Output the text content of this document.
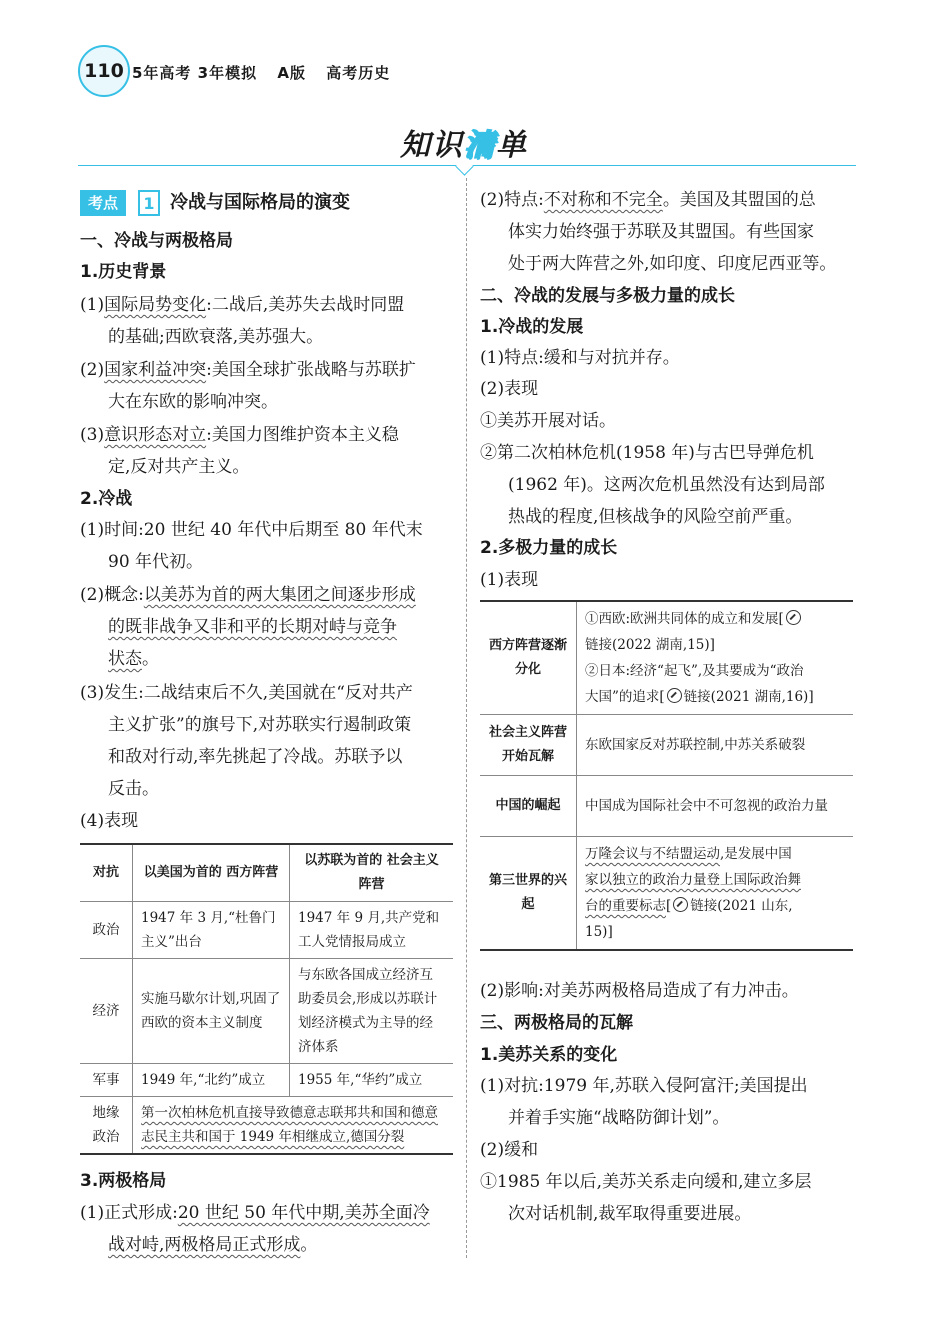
110 5年高考 3年模拟 A版 高考历史
知识清单
考点	1 冷战与国际格局的演变
一、冷战与两极格局
1.历史背景
(1)国际局势变化:二战后,美苏失去战时同盟
的基础;西欧衰落,美苏强大。
(2)国家利益冲突:美国全球扩张战略与苏联扩
大在东欧的影响冲突。
(3)意识形态对立:美国力图维护资本主义稳
定,反对共产主义。
2.冷战
(1)时间:20 世纪 40 年代中后期至 80 年代末
90 年代初。
(2)概念:以美苏为首的两大集团之间逐步形成
的既非战争又非和平的长期对峙与竞争
状态。
(3)发生:二战结束后不久,美国就在“反对共产
主义扩张”的旗号下,对苏联实行遏制政策
和敌对行动,率先挑起了冷战。苏联予以
反击。
(4)表现
对抗	以美国为首的 西方阵营	以苏联为首的 社会主义阵营
政治	1947 年 3 月,“杜鲁门主义”出台	1947 年 9 月,共产党和工人党情报局成立
经济	实施马歇尔计划,巩固了西欧的资本主义制度	与东欧各国成立经济互助委员会,形成以苏联计划经济模式为主导的经济体系
军事	1949 年,“北约”成立	1955 年,“华约”成立
地缘政治	第一次柏林危机直接导致德意志联邦共和国和德意志民主共和国于 1949 年相继成立,德国分裂	
3.两极格局
(1)正式形成:20 世纪 50 年代中期,美苏全面冷
战对峙,两极格局正式形成。
(2)特点:不对称和不完全。美国及其盟国的总
体实力始终强于苏联及其盟国。有些国家
处于两大阵营之外,如印度、印度尼西亚等。
二、冷战的发展与多极力量的成长
1.冷战的发展
(1)特点:缓和与对抗并存。
(2)表现
①美苏开展对话。
②第二次柏林危机(1958 年)与古巴导弹危机
(1962 年)。这两次危机虽然没有达到局部
热战的程度,但核战争的风险空前严重。
2.多极力量的成长
(1)表现
西方阵营逐渐分化	①西欧:欧洲共同体的成立和发展[
链接(2022 湖南,15)]
②日本:经济“起飞”,及其要成为“政治
大国”的追求[ 链接(2021 湖南,16)]
社会主义阵营开始瓦解	东欧国家反对苏联控制,中苏关系破裂
中国的崛起	中国成为国际社会中不可忽视的政治力量
第三世界的兴起	万隆会议与不结盟运动,是发展中国
家以独立的政治力量登上国际政治舞
台的重要标志[ 链接(2021 山东,
15)]
(2)影响:对美苏两极格局造成了有力冲击。
三、两极格局的瓦解
1.美苏关系的变化
(1)对抗:1979 年,苏联入侵阿富汗;美国提出
并着手实施“战略防御计划”。
(2)缓和
①1985 年以后,美苏关系走向缓和,建立多层
次对话机制,裁军取得重要进展。
